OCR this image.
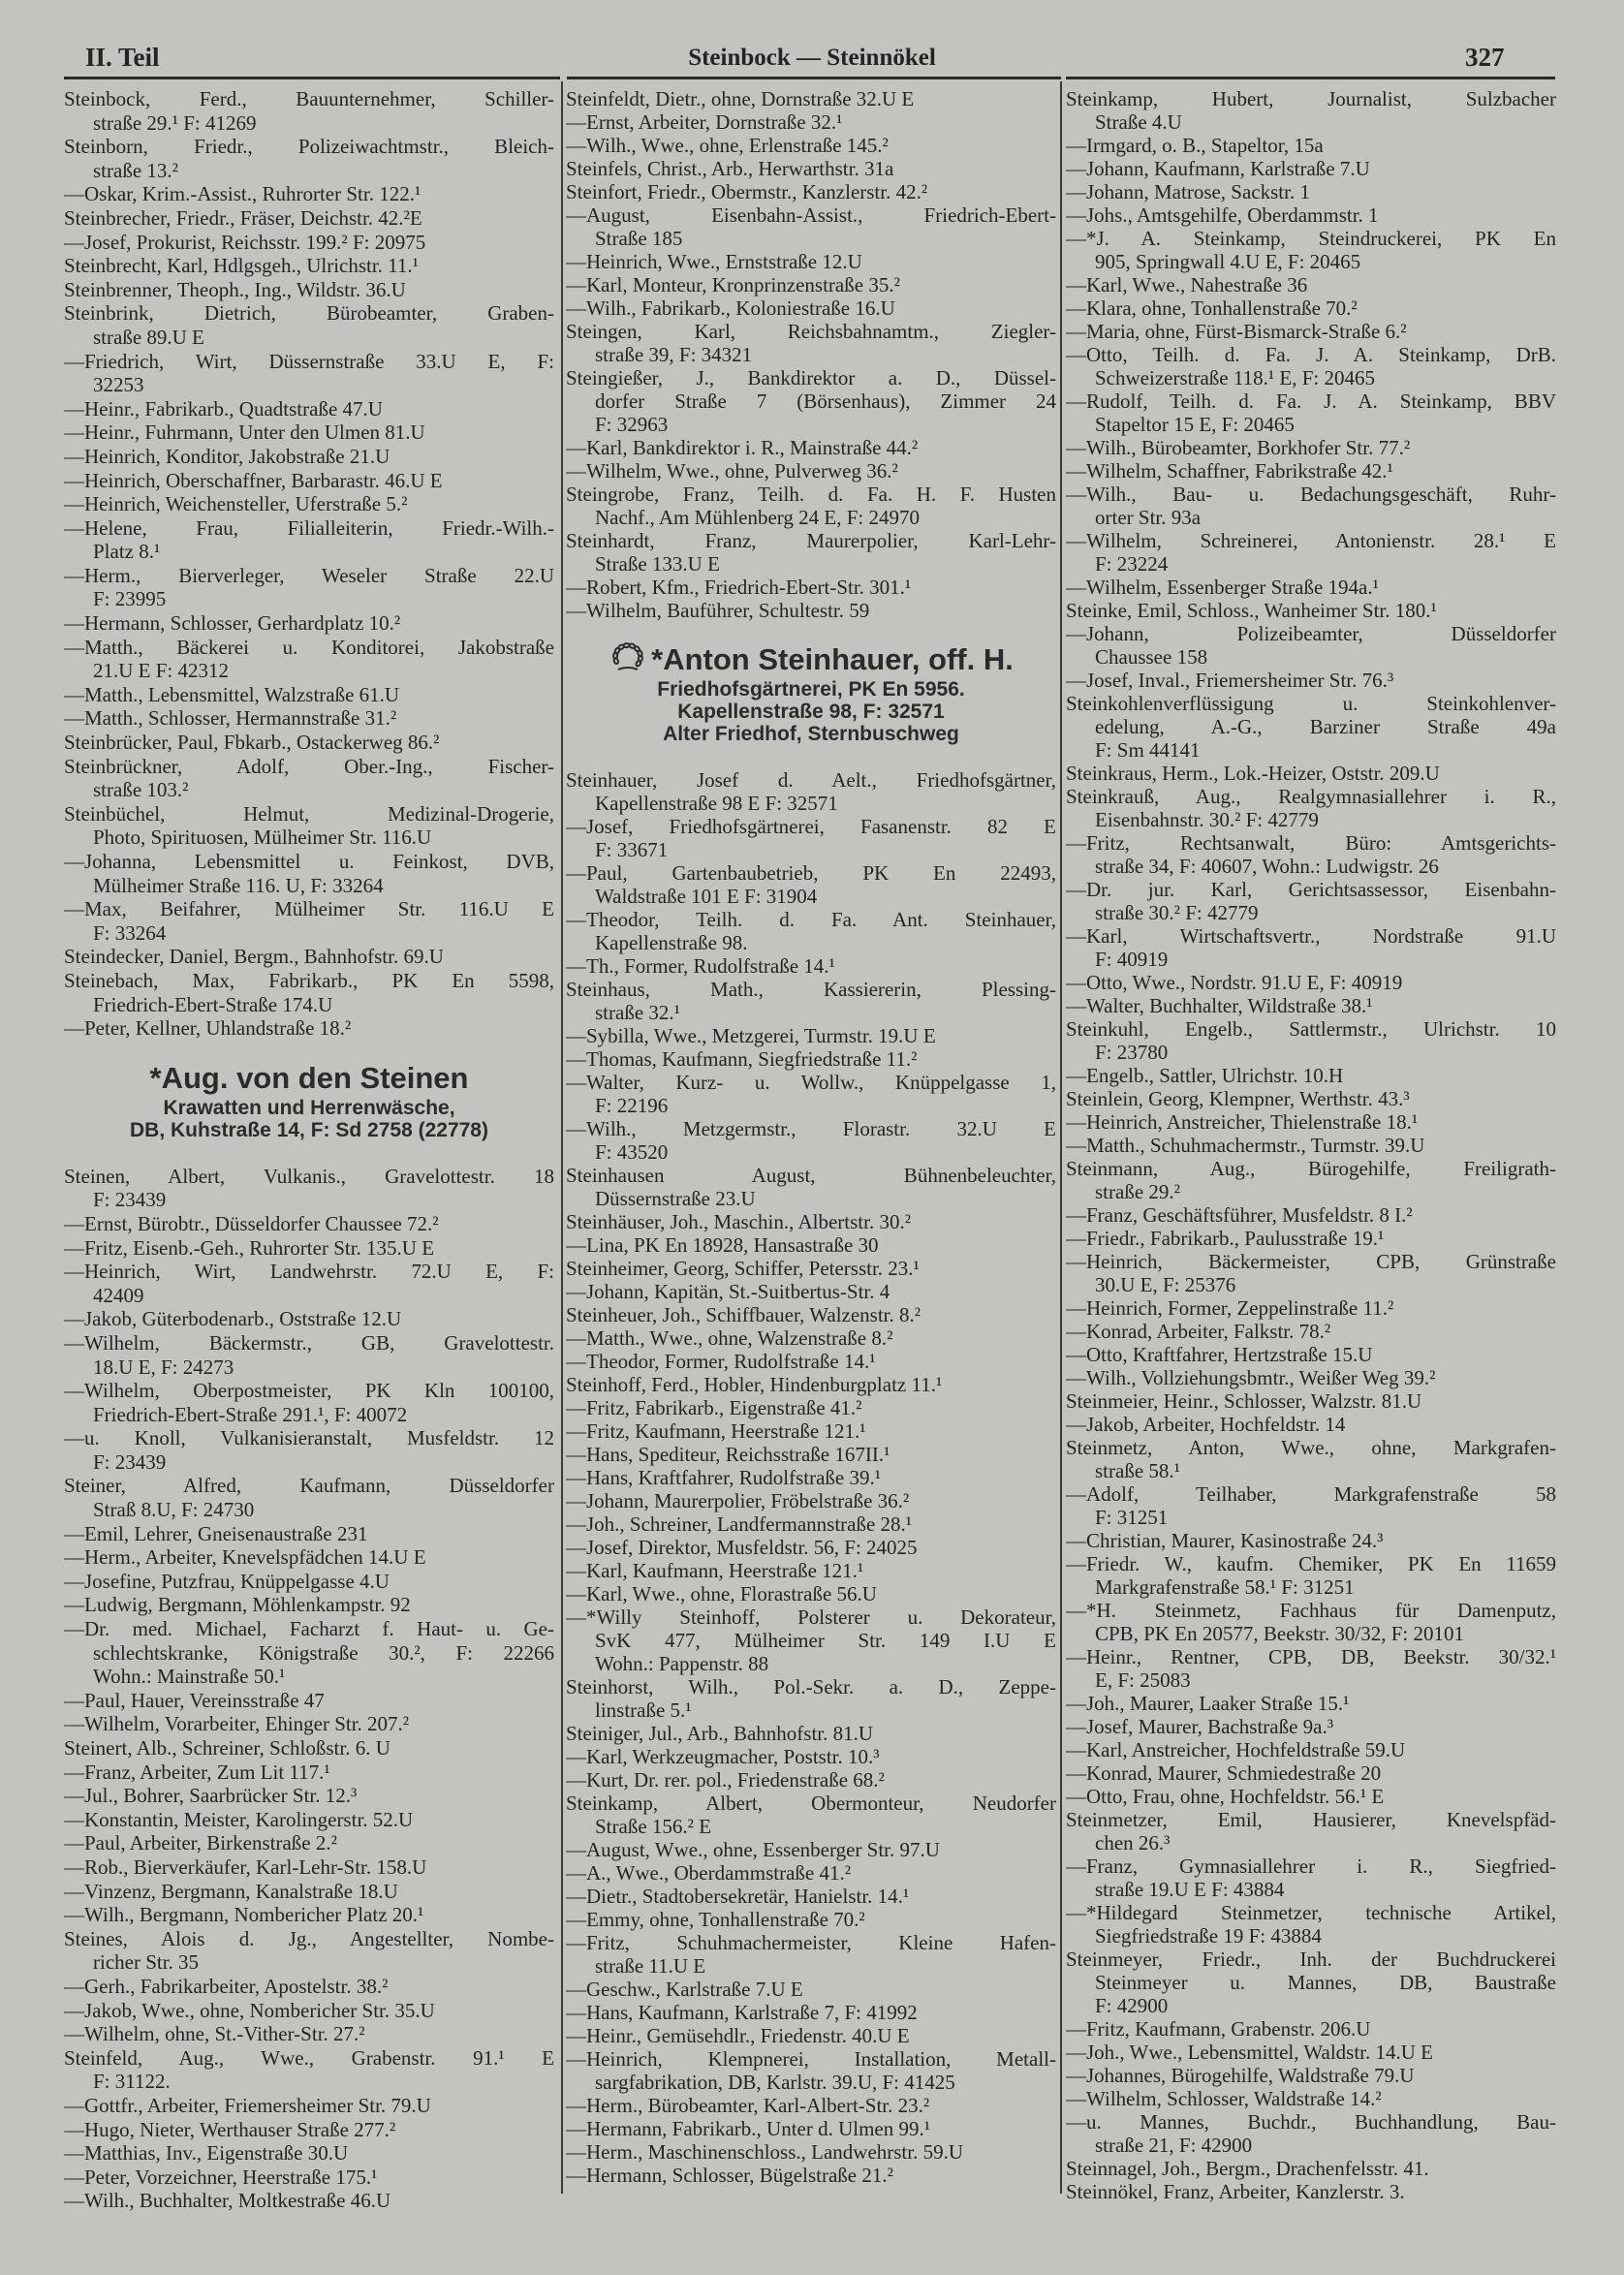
II. Teil	Steinbock — Steinnökel	327
Steinbock, Ferd., Bauunternehmer, Schiller-
straße 29.¹ F: 41269
Steinborn, Friedr., Polizeiwachtmstr., Bleich-
straße 13.²
—Oskar, Krim.-Assist., Ruhrorter Str. 122.¹
Steinbrecher, Friedr., Fräser, Deichstr. 42.²E
—Josef, Prokurist, Reichsstr. 199.² F: 20975
Steinbrecht, Karl, Hdlgsgeh., Ulrichstr. 11.¹
Steinbrenner, Theoph., Ing., Wildstr. 36.U
Steinbrink, Dietrich, Bürobeamter, Graben-
straße 89.U E
—Friedrich, Wirt, Düssernstraße 33.U E, F:
32253
—Heinr., Fabrikarb., Quadtstraße 47.U
—Heinr., Fuhrmann, Unter den Ulmen 81.U
—Heinrich, Konditor, Jakobstraße 21.U
—Heinrich, Oberschaffner, Barbarastr. 46.U E
—Heinrich, Weichensteller, Uferstraße 5.²
—Helene, Frau, Filialleiterin, Friedr.-Wilh.-
Platz 8.¹
—Herm., Bierverleger, Weseler Straße 22.U
F: 23995
—Hermann, Schlosser, Gerhardplatz 10.²
—Matth., Bäckerei u. Konditorei, Jakobstraße
21.U E F: 42312
—Matth., Lebensmittel, Walzstraße 61.U
—Matth., Schlosser, Hermannstraße 31.²
Steinbrücker, Paul, Fbkarb., Ostackerweg 86.²
Steinbrückner, Adolf, Ober.-Ing., Fischer-
straße 103.²
Steinbüchel, Helmut, Medizinal-Drogerie,
Photo, Spirituosen, Mülheimer Str. 116.U
—Johanna, Lebensmittel u. Feinkost, DVB,
Mülheimer Straße 116. U, F: 33264
—Max, Beifahrer, Mülheimer Str. 116.U E
F: 33264
Steindecker, Daniel, Bergm., Bahnhofstr. 69.U
Steinebach, Max, Fabrikarb., PK En 5598,
Friedrich-Ebert-Straße 174.U
—Peter, Kellner, Uhlandstraße 18.²
*Aug. von den Steinen
Krawatten und Herrenwäsche,
DB, Kuhstraße 14, F: Sd 2758 (22778)
Steinen, Albert, Vulkanis., Gravelottestr. 18
F: 23439
—Ernst, Bürobtr., Düsseldorfer Chaussee 72.²
—Fritz, Eisenb.-Geh., Ruhrorter Str. 135.U E
—Heinrich, Wirt, Landwehrstr. 72.U E, F:
42409
—Jakob, Güterbodenarb., Oststraße 12.U
—Wilhelm, Bäckermstr., GB, Gravelottestr.
18.U E, F: 24273
—Wilhelm, Oberpostmeister, PK Kln 100100,
Friedrich-Ebert-Straße 291.¹, F: 40072
—u. Knoll, Vulkanisieranstalt, Musfeldstr. 12
F: 23439
Steiner, Alfred, Kaufmann, Düsseldorfer
Straß 8.U, F: 24730
—Emil, Lehrer, Gneisenaustraße 231
—Herm., Arbeiter, Knevelspfädchen 14.U E
—Josefine, Putzfrau, Knüppelgasse 4.U
—Ludwig, Bergmann, Möhlenkampstr. 92
—Dr. med. Michael, Facharzt f. Haut- u. Ge-
schlechtskranke, Königstraße 30.², F: 22266
Wohn.: Mainstraße 50.¹
—Paul, Hauer, Vereinsstraße 47
—Wilhelm, Vorarbeiter, Ehinger Str. 207.²
Steinert, Alb., Schreiner, Schloßstr. 6. U
—Franz, Arbeiter, Zum Lit 117.¹
—Jul., Bohrer, Saarbrücker Str. 12.³
—Konstantin, Meister, Karolingerstr. 52.U
—Paul, Arbeiter, Birkenstraße 2.²
—Rob., Bierverkäufer, Karl-Lehr-Str. 158.U
—Vinzenz, Bergmann, Kanalstraße 18.U
—Wilh., Bergmann, Nombericher Platz 20.¹
Steines, Alois d. Jg., Angestellter, Nombe-
richer Str. 35
—Gerh., Fabrikarbeiter, Apostelstr. 38.²
—Jakob, Wwe., ohne, Nombericher Str. 35.U
—Wilhelm, ohne, St.-Vither-Str. 27.²
Steinfeld, Aug., Wwe., Grabenstr. 91.¹ E
F: 31122.
—Gottfr., Arbeiter, Friemersheimer Str. 79.U
—Hugo, Nieter, Werthauser Straße 277.²
—Matthias, Inv., Eigenstraße 30.U
—Peter, Vorzeichner, Heerstraße 175.¹
—Wilh., Buchhalter, Moltkestraße 46.U
Steinfeldt, Dietr., ohne, Dornstraße 32.U E
—Ernst, Arbeiter, Dornstraße 32.¹
—Wilh., Wwe., ohne, Erlenstraße 145.²
Steinfels, Christ., Arb., Herwarthstr. 31a
Steinfort, Friedr., Obermstr., Kanzlerstr. 42.²
—August, Eisenbahn-Assist., Friedrich-Ebert-
Straße 185
—Heinrich, Wwe., Ernststraße 12.U
—Karl, Monteur, Kronprinzenstraße 35.²
—Wilh., Fabrikarb., Koloniestraße 16.U
Steingen, Karl, Reichsbahnamtm., Ziegler-
straße 39, F: 34321
Steingießer, J., Bankdirektor a. D., Düssel-
dorfer Straße 7 (Börsenhaus), Zimmer 24
F: 32963
—Karl, Bankdirektor i. R., Mainstraße 44.²
—Wilhelm, Wwe., ohne, Pulverweg 36.²
Steingrobe, Franz, Teilh. d. Fa. H. F. Husten
Nachf., Am Mühlenberg 24 E, F: 24970
Steinhardt, Franz, Maurerpolier, Karl-Lehr-
Straße 133.U E
—Robert, Kfm., Friedrich-Ebert-Str. 301.¹
—Wilhelm, Bauführer, Schultestr. 59
*Anton Steinhauer, off. H.
Friedhofsgärtnerei, PK En 5956.
Kapellenstraße 98, F: 32571
Alter Friedhof, Sternbuschweg
Steinhauer, Josef d. Aelt., Friedhofsgärtner,
Kapellenstraße 98 E F: 32571
—Josef, Friedhofsgärtnerei, Fasanenstr. 82 E
F: 33671
—Paul, Gartenbaubetrieb, PK En 22493,
Waldstraße 101 E F: 31904
—Theodor, Teilh. d. Fa. Ant. Steinhauer,
Kapellenstraße 98.
—Th., Former, Rudolfstraße 14.¹
Steinhaus, Math., Kassiererin, Plessing-
straße 32.¹
—Sybilla, Wwe., Metzgerei, Turmstr. 19.U E
—Thomas, Kaufmann, Siegfriedstraße 11.²
—Walter, Kurz- u. Wollw., Knüppelgasse 1,
F: 22196
—Wilh., Metzgermstr., Florastr. 32.U E
F: 43520
Steinhausen August, Bühnenbeleuchter,
Düssernstraße 23.U
Steinhäuser, Joh., Maschin., Albertstr. 30.²
—Lina, PK En 18928, Hansastraße 30
Steinheimer, Georg, Schiffer, Petersstr. 23.¹
—Johann, Kapitän, St.-Suitbertus-Str. 4
Steinheuer, Joh., Schiffbauer, Walzenstr. 8.²
—Matth., Wwe., ohne, Walzenstraße 8.²
—Theodor, Former, Rudolfstraße 14.¹
Steinhoff, Ferd., Hobler, Hindenburgplatz 11.¹
—Fritz, Fabrikarb., Eigenstraße 41.²
—Fritz, Kaufmann, Heerstraße 121.¹
—Hans, Spediteur, Reichsstraße 167II.¹
—Hans, Kraftfahrer, Rudolfstraße 39.¹
—Johann, Maurerpolier, Fröbelstraße 36.²
—Joh., Schreiner, Landfermannstraße 28.¹
—Josef, Direktor, Musfeldstr. 56, F: 24025
—Karl, Kaufmann, Heerstraße 121.¹
—Karl, Wwe., ohne, Florastraße 56.U
—*Willy Steinhoff, Polsterer u. Dekorateur,
SvK 477, Mülheimer Str. 149 I.U E
Wohn.: Pappenstr. 88
Steinhorst, Wilh., Pol.-Sekr. a. D., Zeppe-
linstraße 5.¹
Steiniger, Jul., Arb., Bahnhofstr. 81.U
—Karl, Werkzeugmacher, Poststr. 10.³
—Kurt, Dr. rer. pol., Friedenstraße 68.²
Steinkamp, Albert, Obermonteur, Neudorfer
Straße 156.² E
—August, Wwe., ohne, Essenberger Str. 97.U
—A., Wwe., Oberdammstraße 41.²
—Dietr., Stadtobersekretär, Hanielstr. 14.¹
—Emmy, ohne, Tonhallenstraße 70.²
—Fritz, Schuhmachermeister, Kleine Hafen-
straße 11.U E
—Geschw., Karlstraße 7.U E
—Hans, Kaufmann, Karlstraße 7, F: 41992
—Heinr., Gemüsehdlr., Friedenstr. 40.U E
—Heinrich, Klempnerei, Installation, Metall-
sargfabrikation, DB, Karlstr. 39.U, F: 41425
—Herm., Bürobeamter, Karl-Albert-Str. 23.²
—Hermann, Fabrikarb., Unter d. Ulmen 99.¹
—Herm., Maschinenschloss., Landwehrstr. 59.U
—Hermann, Schlosser, Bügelstraße 21.²
Steinkamp, Hubert, Journalist, Sulzbacher
Straße 4.U
—Irmgard, o. B., Stapeltor, 15a
—Johann, Kaufmann, Karlstraße 7.U
—Johann, Matrose, Sackstr. 1
—Johs., Amtsgehilfe, Oberdammstr. 1
—*J. A. Steinkamp, Steindruckerei, PK En
905, Springwall 4.U E, F: 20465
—Karl, Wwe., Nahestraße 36
—Klara, ohne, Tonhallenstraße 70.²
—Maria, ohne, Fürst-Bismarck-Straße 6.²
—Otto, Teilh. d. Fa. J. A. Steinkamp, DrB.
Schweizerstraße 118.¹ E, F: 20465
—Rudolf, Teilh. d. Fa. J. A. Steinkamp, BBV
Stapeltor 15 E, F: 20465
—Wilh., Bürobeamter, Borkhofer Str. 77.²
—Wilhelm, Schaffner, Fabrikstraße 42.¹
—Wilh., Bau- u. Bedachungsgeschäft, Ruhr-
orter Str. 93a
—Wilhelm, Schreinerei, Antonienstr. 28.¹ E
F: 23224
—Wilhelm, Essenberger Straße 194a.¹
Steinke, Emil, Schloss., Wanheimer Str. 180.¹
—Johann, Polizeibeamter, Düsseldorfer
Chaussee 158
—Josef, Inval., Friemersheimer Str. 76.³
Steinkohlenverflüssigung u. Steinkohlenver-
edelung, A.-G., Barziner Straße 49a
F: Sm 44141
Steinkraus, Herm., Lok.-Heizer, Oststr. 209.U
Steinkrauß, Aug., Realgymnasiallehrer i. R.,
Eisenbahnstr. 30.² F: 42779
—Fritz, Rechtsanwalt, Büro: Amtsgerichts-
straße 34, F: 40607, Wohn.: Ludwigstr. 26
—Dr. jur. Karl, Gerichtsassessor, Eisenbahn-
straße 30.² F: 42779
—Karl, Wirtschaftsvertr., Nordstraße 91.U
F: 40919
—Otto, Wwe., Nordstr. 91.U E, F: 40919
—Walter, Buchhalter, Wildstraße 38.¹
Steinkuhl, Engelb., Sattlermstr., Ulrichstr. 10
F: 23780
—Engelb., Sattler, Ulrichstr. 10.H
Steinlein, Georg, Klempner, Werthstr. 43.³
—Heinrich, Anstreicher, Thielenstraße 18.¹
—Matth., Schuhmachermstr., Turmstr. 39.U
Steinmann, Aug., Bürogehilfe, Freiligrath-
straße 29.²
—Franz, Geschäftsführer, Musfeldstr. 8 I.²
—Friedr., Fabrikarb., Paulusstraße 19.¹
—Heinrich, Bäckermeister, CPB, Grünstraße
30.U E, F: 25376
—Heinrich, Former, Zeppelinstraße 11.²
—Konrad, Arbeiter, Falkstr. 78.²
—Otto, Kraftfahrer, Hertzstraße 15.U
—Wilh., Vollziehungsbmtr., Weißer Weg 39.²
Steinmeier, Heinr., Schlosser, Walzstr. 81.U
—Jakob, Arbeiter, Hochfeldstr. 14
Steinmetz, Anton, Wwe., ohne, Markgrafen-
straße 58.¹
—Adolf, Teilhaber, Markgrafenstraße 58
F: 31251
—Christian, Maurer, Kasinostraße 24.³
—Friedr. W., kaufm. Chemiker, PK En 11659
Markgrafenstraße 58.¹ F: 31251
—*H. Steinmetz, Fachhaus für Damenputz,
CPB, PK En 20577, Beekstr. 30/32, F: 20101
—Heinr., Rentner, CPB, DB, Beekstr. 30/32.¹
E, F: 25083
—Joh., Maurer, Laaker Straße 15.¹
—Josef, Maurer, Bachstraße 9a.³
—Karl, Anstreicher, Hochfeldstraße 59.U
—Konrad, Maurer, Schmiedestraße 20
—Otto, Frau, ohne, Hochfeldstr. 56.¹ E
Steinmetzer, Emil, Hausierer, Knevelspfäd-
chen 26.³
—Franz, Gymnasiallehrer i. R., Siegfried-
straße 19.U E F: 43884
—*Hildegard Steinmetzer, technische Artikel,
Siegfriedstraße 19 F: 43884
Steinmeyer, Friedr., Inh. der Buchdruckerei
Steinmeyer u. Mannes, DB, Baustraße
F: 42900
—Fritz, Kaufmann, Grabenstr. 206.U
—Joh., Wwe., Lebensmittel, Waldstr. 14.U E
—Johannes, Bürogehilfe, Waldstraße 79.U
—Wilhelm, Schlosser, Waldstraße 14.²
—u. Mannes, Buchdr., Buchhandlung, Bau-
straße 21, F: 42900
Steinnagel, Joh., Bergm., Drachenfelsstr. 41.
Steinnökel, Franz, Arbeiter, Kanzlerstr. 3.
